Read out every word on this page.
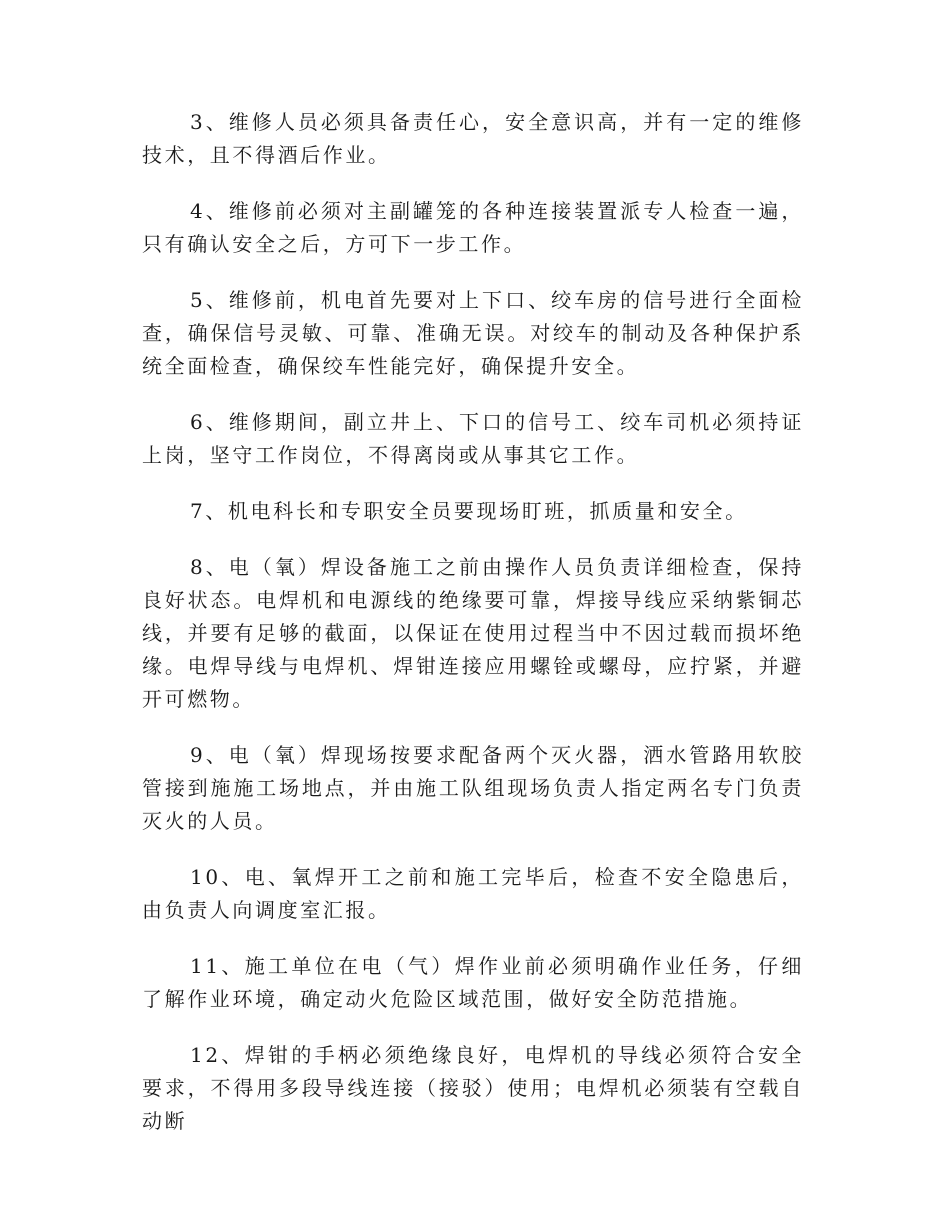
3、维修人员必须具备责任心，安全意识高，并有一定的维修技术，且不得酒后作业。

4、维修前必须对主副罐笼的各种连接装置派专人检查一遍，只有确认安全之后，方可下一步工作。

5、维修前，机电首先要对上下口、绞车房的信号进行全面检查，确保信号灵敏、可靠、准确无误。对绞车的制动及各种保护系统全面检查，确保绞车性能完好，确保提升安全。

6、维修期间，副立井上、下口的信号工、绞车司机必须持证上岗，坚守工作岗位，不得离岗或从事其它工作。

7、机电科长和专职安全员要现场盯班，抓质量和安全。

8、电（氧）焊设备施工之前由操作人员负责详细检查，保持良好状态。电焊机和电源线的绝缘要可靠，焊接导线应采纳紫铜芯线，并要有足够的截面，以保证在使用过程当中不因过载而损坏绝缘。电焊导线与电焊机、焊钳连接应用螺铨或螺母，应拧紧，并避开可燃物。

9、电（氧）焊现场按要求配备两个灭火器，洒水管路用软胶管接到施施工场地点，并由施工队组现场负责人指定两名专门负责灭火的人员。

10、电、氧焊开工之前和施工完毕后，检查不安全隐患后，由负责人向调度室汇报。

11、施工单位在电（气）焊作业前必须明确作业任务，仔细了解作业环境，确定动火危险区域范围，做好安全防范措施。

12、焊钳的手柄必须绝缘良好，电焊机的导线必须符合安全要求，不得用多段导线连接（接驳）使用；电焊机必须装有空载自动断
